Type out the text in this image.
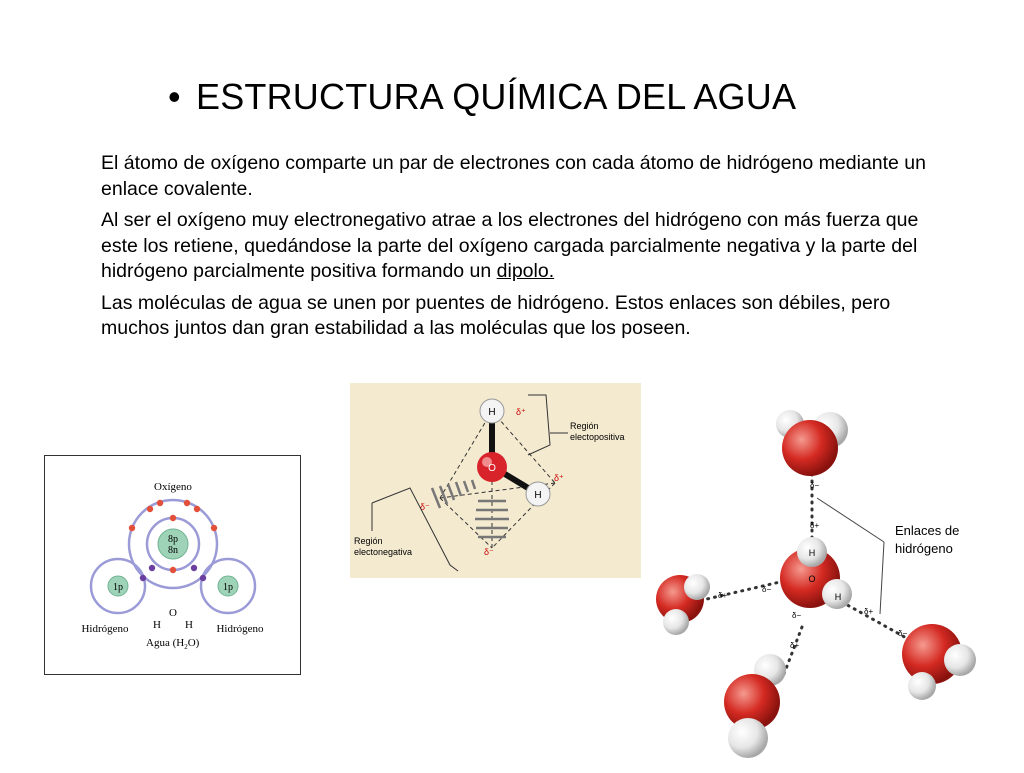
• ESTRUCTURA QUÍMICA DEL AGUA

El átomo de oxígeno comparte un par de electrones con cada átomo de hidrógeno mediante un enlace covalente.

Al ser el oxígeno muy electronegativo atrae a los electrones del hidrógeno con más fuerza que este los retiene, quedándose la parte del oxígeno cargada parcialmente negativa y la parte del hidrógeno parcialmente positiva formando un dipolo.

Las moléculas de agua se unen por puentes de hidrógeno. Estos enlaces son débiles, pero muchos juntos dan gran estabilidad a las moléculas que los poseen.

Oxígeno
8p
8n
1p	1p
O
H H
Hidrógeno	Hidrógeno
Agua $(H_2O)$
H
H
O
δ⁺
δ⁺
δ⁻
δ⁻
Región
electopositiva
Región
electonegativa
Enlaces de
hidrógeno
H
O
H
δ−
δ+
δ+
δ−
δ−	δ+
δ−
δ+
